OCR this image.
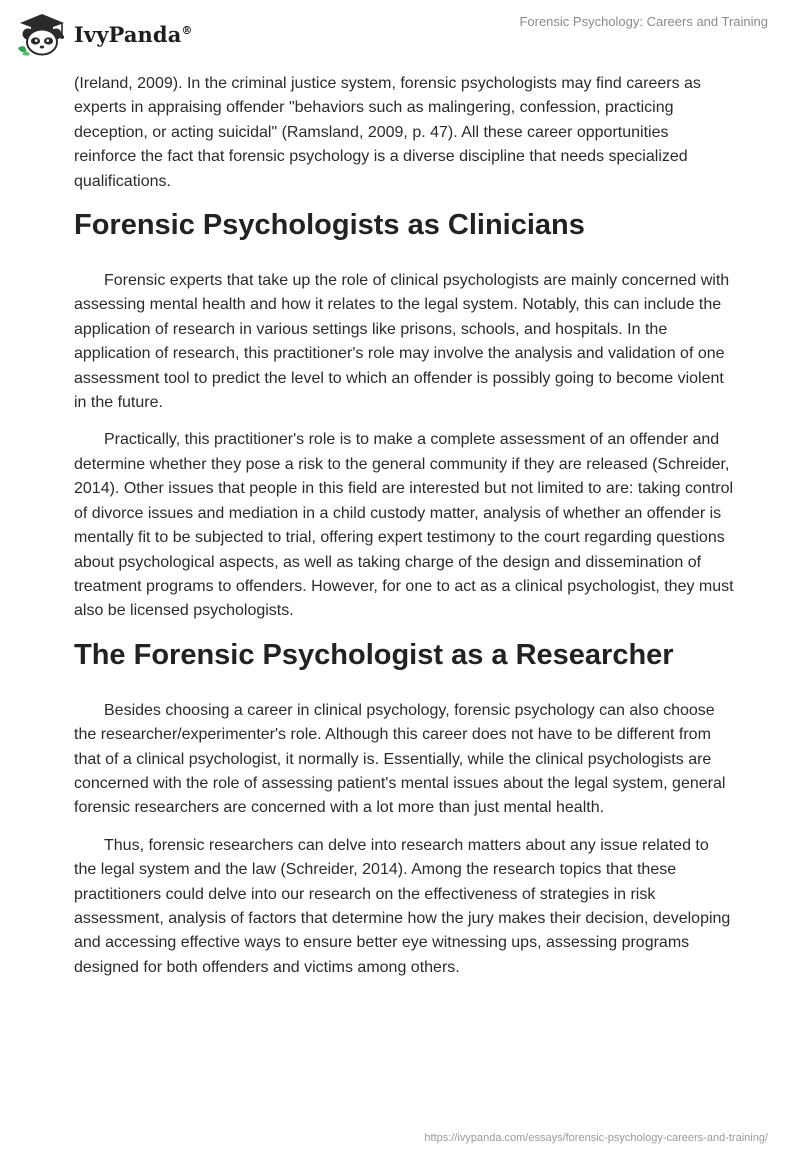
IvyPanda®
Forensic Psychology: Careers and Training

(Ireland, 2009). In the criminal justice system, forensic psychologists may find careers as experts in appraising offender "behaviors such as malingering, confession, practicing deception, or acting suicidal" (Ramsland, 2009, p. 47). All these career opportunities reinforce the fact that forensic psychology is a diverse discipline that needs specialized qualifications.

Forensic Psychologists as Clinicians

Forensic experts that take up the role of clinical psychologists are mainly concerned with assessing mental health and how it relates to the legal system. Notably, this can include the application of research in various settings like prisons, schools, and hospitals. In the application of research, this practitioner's role may involve the analysis and validation of one assessment tool to predict the level to which an offender is possibly going to become violent in the future.

Practically, this practitioner's role is to make a complete assessment of an offender and determine whether they pose a risk to the general community if they are released (Schreider, 2014). Other issues that people in this field are interested but not limited to are: taking control of divorce issues and mediation in a child custody matter, analysis of whether an offender is mentally fit to be subjected to trial, offering expert testimony to the court regarding questions about psychological aspects, as well as taking charge of the design and dissemination of treatment programs to offenders. However, for one to act as a clinical psychologist, they must also be licensed psychologists.

The Forensic Psychologist as a Researcher

Besides choosing a career in clinical psychology, forensic psychology can also choose the researcher/experimenter's role. Although this career does not have to be different from that of a clinical psychologist, it normally is. Essentially, while the clinical psychologists are concerned with the role of assessing patient's mental issues about the legal system, general forensic researchers are concerned with a lot more than just mental health.

Thus, forensic researchers can delve into research matters about any issue related to the legal system and the law (Schreider, 2014). Among the research topics that these practitioners could delve into our research on the effectiveness of strategies in risk assessment, analysis of factors that determine how the jury makes their decision, developing and accessing effective ways to ensure better eye witnessing ups, assessing programs designed for both offenders and victims among others.

https://ivypanda.com/essays/forensic-psychology-careers-and-training/
